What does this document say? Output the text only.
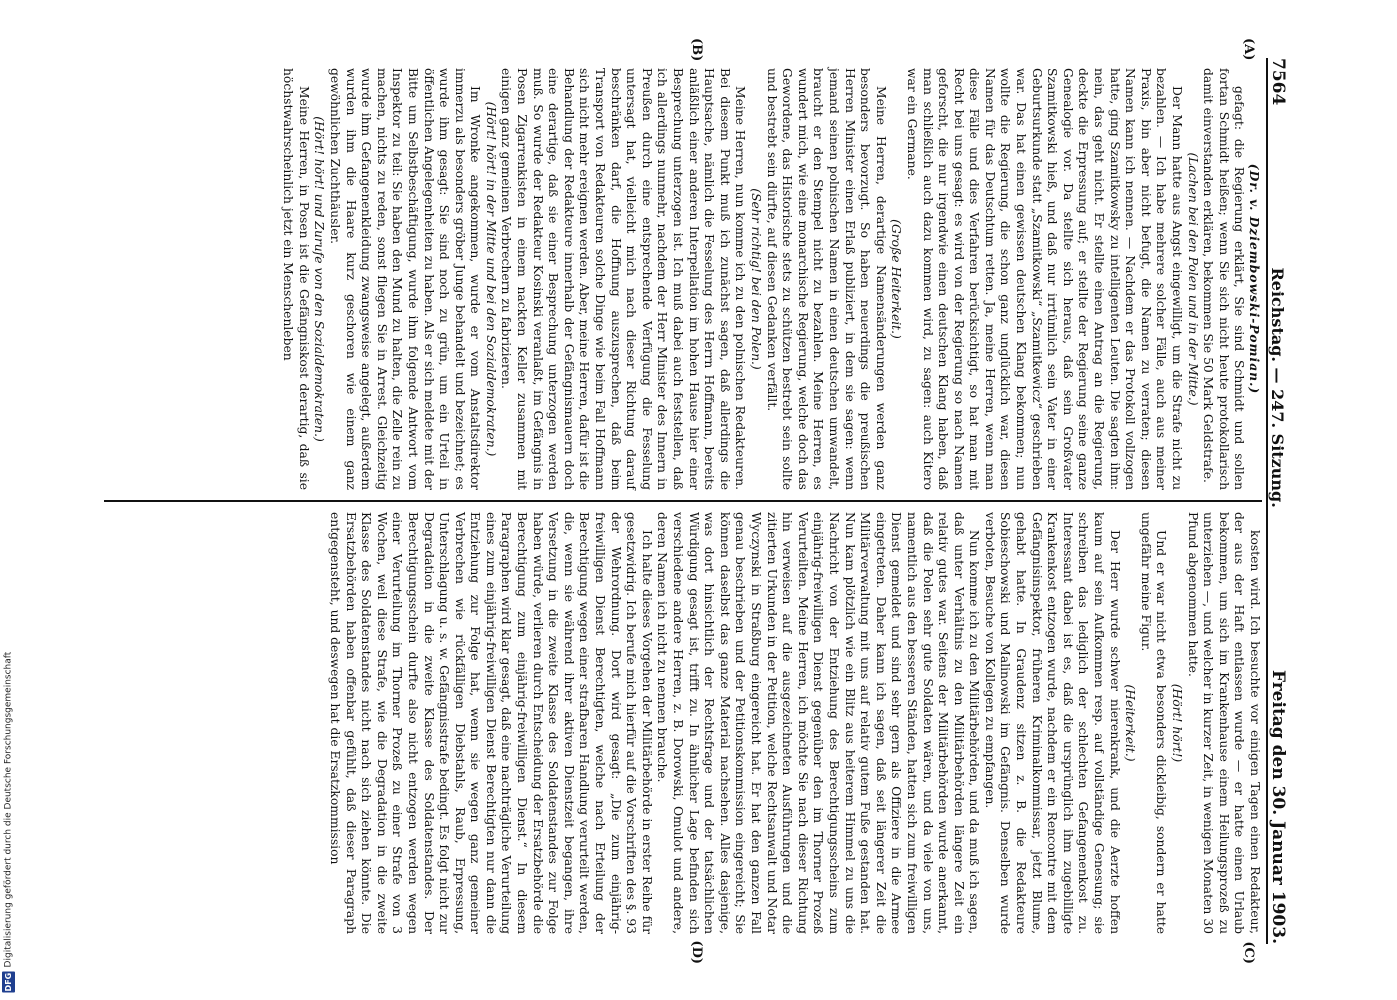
DFG
Digitalisierung gefördert durch die Deutsche Forschungsgemeinschaft
7564
Reichstag. — 247. Sitzung.
Freitag den 30. Januar 1903.
(A)
(B)
(C)
(D)

(Dr. v. Dziembowski-Pomian.)

gefagt: die Regierung erklärt, Sie sind Schmidt und sollen fortan Schmidt heißen; wenn Sie sich nicht heute protokollarisch damit einverstanden erklären, bekommen Sie 50 Mark Geldstrafe.

(Lachen bei den Polen und in der Mitte.)

Der Mann hatte aus Angst eingewilligt, um die Strafe nicht zu bezahlen. — Ich habe mehrere solcher Fälle, auch aus meiner Praxis, bin aber nicht befugt, die Namen zu verraten; diesen Namen kann ich nennen. — Nachdem er das Protokoll vollzogen hatte, ging Szamitkowsky zu intelligenten Leuten. Die sagten ihm: nein, das geht nicht. Er stellte einen Antrag an die Regierung, deckte die Erpressung auf; er stellte der Regierung seine ganze Genealogie vor. Da stellte sich heraus, daß sein Großvater Szamitkowski hieß, und daß nur irrtümlich sein Vater in einer Geburtsurkunde statt „Szamitkowski“ „Szamitkewicz“ geschrieben war. Das hat einen gewissen deutschen Klang bekommen; nun wollte die Regierung, die schon ganz unglücklich war, diesen Namen für das Deutschtum retten. Ja, meine Herren, wenn man diese Fälle und dies Verfahren berücksichtigt, so hat man mit Recht bei uns gesagt: es wird von der Regierung so nach Namen geforscht, die nur irgendwie einen deutschen Klang haben, daß man schließlich auch dazu kommen wird, zu sagen: auch Kitero war ein Germane.

(Große Heiterkeit.)

Meine Herren, derartige Namensänderungen werden ganz besonders bevorzugt. So haben neuerdings die preußischen Herren Minister einen Erlaß publiziert, in dem sie sagen: wenn jemand seinen polnischen Namen in einen deutschen umwandelt, braucht er den Stempel nicht zu bezahlen. Meine Herren, es wundert mich, wie eine monarchische Regierung, welche doch das Gewordene, das Historische stets zu schützen bestrebt sein sollte und bestrebt sein dürfte, auf diesen Gedanken verfällt.

(Sehr richtig! bei den Polen.)

Meine Herren, nun komme ich zu den polnischen Redakteuren. Bei diesem Punkt muß ich zunächst sagen, daß allerdings die Hauptsache, nämlich die Fesselung des Herrn Hoffmann, bereits anläßlich einer anderen Interpellation im hohen Hause hier einer Besprechung unterzogen ist. Ich muß dabei auch feststellen, daß ich allerdings nunmehr, nachdem der Herr Minister des Innern in Preußen durch eine entsprechende Verfügung die Fesselung untersagt hat, vielleicht mich nach dieser Richtung darauf beschränken darf, die Hoffnung auszusprechen, daß beim Transport von Redakteuren solche Dinge wie beim Fall Hoffmann sich nicht mehr ereignen werden. Aber, meine Herren, dafür ist die Behandlung der Redakteure innerhalb der Gefängnismauern doch eine derartige, daß sie einer Besprechung unterzogen werden muß. So wurde der Redakteur Kosinski veranlaßt, im Gefängnis in Posen Zigarrenkisten in einem nackten Keller zusammen mit einigen ganz gemeinen Verbrechern zu fabrizieren.

(Hört! hört! in der Mitte und bei den Sozialdemokraten.)

Im Wronke angekommen, wurde er vom Anstaltsdirektor immerzu als besonders gröber Junge behandelt und bezeichnet; es wurde ihm gesagt: Sie sind noch zu grün, um ein Urteil in öffentlichen Angelegenheiten zu haben. Als er sich meldete mit der Bitte um Selbstbeschäftigung, wurde ihm folgende Antwort vom Inspektor zu teil: Sie haben den Mund zu halten, die Zelle rein zu machen, nichts zu reden, sonst fliegen Sie in Arrest. Gleichzeitig wurde ihm Gefangenenkleidung zwangsweise angelegt, außerdem wurden ihm die Haare kurz geschoren wie einem ganz gewöhnlichen Zuchthäusler.

(Hört! hört! und Zurufe von den Sozialdemokraten.)

Meine Herren, in Posen ist die Gefängniskost derartig, daß sie höchstwahrscheinlich jetzt ein Menschenleben

kosten wird. Ich besuchte vor einigen Tagen einen Redakteur, der aus der Haft entlassen wurde — er hatte einen Urlaub bekommen, um sich im Krankenhause einem Heilungsprozeß zu unterziehen —, und welcher in kurzer Zeit, in wenigen Monaten 30 Pfund abgenommen hatte.

(Hört! hört!)

Und er war nicht etwa besonders dickleibig, sondern er hatte ungefähr meine Figur.

(Heiterkeit.)

Der Herr wurde schwer nierenkrank, und die Aerzte hoffen kaum auf sein Aufkommen resp. auf vollständige Genesung; sie schreiben das lediglich der schlechten Gefangenenkost zu. Interessant dabei ist es, daß die ursprünglich ihm zugebilligte Krankenkost entzogen wurde, nachdem er ein Rencontre mit dem Gefängnisinspektor, früheren Kriminalkommissar, jetzt Blume, gehabt hatte. In Graudenz sitzen z. B. die Redakteure Sobieschowski und Malinowski im Gefängnis. Denselben wurde verboten, Besuche von Kollegen zu empfangen.

Nun komme ich zu den Militärbehörden, und da muß ich sagen, daß unter Verhältnis zu den Militärbehörden längere Zeit ein relativ gutes war. Seitens der Militärbehörden wurde anerkannt, daß die Polen sehr gute Soldaten wären, und da viele von uns, namentlich aus den besseren Ständen, hatten sich zum freiwilligen Dienst gemeldet und sind sehr gern als Offiziere in die Armee eingetreten. Daher kann ich sagen, daß seit längerer Zeit die Militärverwaltung mit uns auf relativ gutem Fuße gestanden hat. Nun kam plötzlich wie ein Blitz aus heiterem Himmel zu uns die Nachricht von der Entziehung des Berechtigungsscheins zum einjährig-freiwilligen Dienst gegenüber den im Thorner Prozeß Verurteilten. Meine Herren, ich möchte Sie nach dieser Richtung hin verweisen auf die ausgezeichneten Ausführungen und die zitierten Urkunden in der Petition, welche Rechtsanwalt und Notar Wyczynski in Straßburg eingereicht hat. Er hat den ganzen Fall genau beschrieben und der Petitionskommission eingereicht; Sie können daselbst das ganze Material nachsehen. Alles dasjenige, was dort hinsichtlich der Rechtsfrage und der tatsächlichen Würdigung gesagt ist, trifft zu. In ähnlicher Lage befinden sich verschiedene andere Herren, z. B. Dorowski, Omulot und andere, deren Namen ich nicht zu nennen brauche.

Ich halte dieses Vorgehen der Militärbehörde in erster Reihe für gesetzwidrig. Ich berufe mich hierfür auf die Vorschriften des §. 93 der Wehrordnung. Dort wird gesagt: „Die zum einjährig-freiwilligen Dienst Berechtigten, welche nach Erteilung der Berechtigung wegen einer strafbaren Handlung verurteilt werden, die, wenn sie während ihrer aktiven Dienstzeit begangen, ihre Versetzung in die zweite Klasse des Soldatenstandes zur Folge haben würde, verlieren durch Entscheidung der Ersatzbehörde die Berechtigung zum einjährig-freiwilligen Dienst.“ In diesem Paragraphen wird klar gesagt, daß eine nachträgliche Verurteilung eines zum einjährig-freiwilligen Dienst Berechtigten nur dann die Entziehung zur Folge hat, wenn sie wegen ganz gemeiner Verbrechen wie rückfälligen Diebstahls, Raub, Erpressung, Unterschlagung u. s. w. Gefängnisstrafe bedingt. Es folgt nicht zur Degradation in die zweite Klasse des Soldatenstandes. Der Berechtigungsschein durfte also nicht entzogen werden wegen einer Verurteilung im Thorner Prozeß zu einer Strafe von 3 Wochen, weil diese Strafe, wie die Degradation in die zweite Klasse des Soldatenstandes nicht nach sich ziehen könnte. Die Ersatzbehörden haben offenbar gefühlt, daß dieser Paragraph entgegensteht, und deswegen hat die Ersatzkommission
